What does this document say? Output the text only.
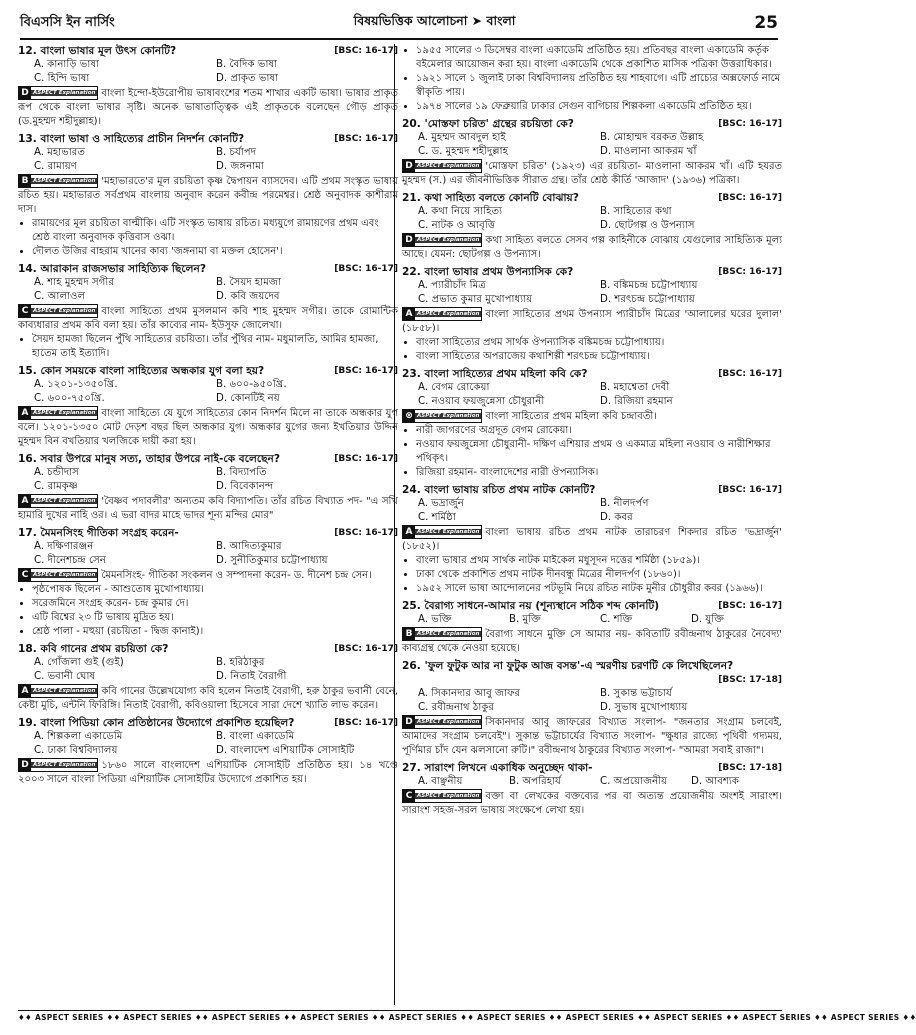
বিএসসি ইন নার্সিং	বিষয়ভিত্তিক আলোচনা ➤ বাংলা	25
12. বাংলা ভাষার মূল উৎস কোনটি?	[BSC: 16-17]
A. কানাড়ি ভাষা	B. বৈদিক ভাষা
C. হিন্দি ভাষা	D. প্রাকৃত ভাষা
D ASPECT Explanation বাংলা ইন্দো-ইউরোপীয় ভাষাবংশের শতম শাখার একটি ভাষা। ভাষার প্রাকৃত রূপ থেকে বাংলা ভাষার সৃষ্টি। অনেক ভাষাতাত্ত্বিক এই প্রাকৃতকে বলেছেন গৌড় প্রাকৃত (ড.মুহম্মদ শহীদুল্লাহ)।
13. বাংলা ভাষা ও সাহিত্যের প্রাচীন নিদর্শন কোনটি?	[BSC: 16-17]
A. মহাভারত	B. চর্যাপদ
C. রামায়ণ	D. জঙ্গনামা
B ASPECT Explanation 'মহাভারতে'র মূল রচয়িতা কৃষ্ণ দ্বৈপায়ন ব্যাসদেব। এটি প্রথম সংস্কৃত ভাষায় রচিত হয়। মহাভারত সর্বপ্রথম বাংলায় অনুবাদ করেন কবীন্দ্র পরমেশ্বর। শ্রেষ্ঠ অনুবাদক কাশীরাম দাস।
• রামায়ণের মূল রচয়িতা বাল্মীকি। এটি সংস্কৃত ভাষায় রচিত। মধ্যযুগে রামায়ণের প্রথম এবং শ্রেষ্ঠ বাংলা অনুবাদক কৃত্তিবাস ওঝা।
• দৌলত উজির বাহরাম খানের কাব্য 'জঙ্গনামা বা মক্তল হোসেন'।
14. আরাকান রাজসভার সাহিত্যিক ছিলেন?	[BSC: 16-17]
A. শাহ মুহম্মদ সগীর	B. সৈয়দ হামজা
C. আলাওল	D. কবি জয়দেব
C ASPECT Explanation বাংলা সাহিত্যে প্রথম মুসলমান কবি শাহ মুহম্মদ সগীর। তাকে রোমান্টিক কাব্যধারার প্রথম কবি বলা হয়। তাঁর কাব্যের নাম- ইউসুফ জোলেখা।
• সৈয়দ হামজা ছিলেন পুঁথি সাহিত্যের রচয়িতা। তাঁর পুঁথির নাম- মধুমালতি, আমির হামজা, হাতেম তাই ইত্যাদি।
15. কোন সময়কে বাংলা সাহিত্যের অন্ধকার যুগ বলা হয়?	[BSC: 16-17]
A. ১২০১-১৩৫০খ্রি.	B. ৬০০-৯৫০খ্রি.
C. ৬০০-৭৫০খ্রি.	D. কোনটিই নয়
A ASPECT Explanation বাংলা সাহিত্যে যে যুগে সাহিত্যের কোন নিদর্শন মিলে না তাকে অন্ধকার যুগ বলে। ১২০১-১৩৫০ মোট দেড়শ বছর ছিল অন্ধকার যুগ। অন্ধকার যুগের জন্য ইখতিয়ার উদ্দিন মুহম্মদ বিন বখতিয়ার খলজিকে দায়ী করা হয়।
16. সবার উপরে মানুষ সত্য, তাহার উপরে নাই-কে বলেছেন?	[BSC: 16-17]
A. চন্ডীদাস	B. বিদ্যাপতি
C. রামকৃষ্ণ	D. বিবেকানন্দ
A ASPECT Explanation 'বৈষ্ণব পদাবলীর' অন্যতম কবি বিদ্যাপতি। তাঁর রচিত বিখ্যাত পদ- "এ সখি হামারি দুখের নাহি ওর। এ ভরা বাদর মাহে ভাদর শূন্য মন্দির মোর"
17. মৈমনসিংহ গীতিকা সংগ্রহ করেন-	[BSC: 16-17]
A. দক্ষিণারঞ্জন	B. আদিত্যকুমার
C. দীনেশচন্দ্র সেন	D. সুনীতিকুমার চট্টোপাধ্যায়
C ASPECT Explanation মৈমনসিংহ- গীতিকা সংকলন ও সম্পাদনা করেন- ড. দীনেশ চন্দ্র সেন।
• পৃষ্ঠপোষক ছিলেন - আশুতোষ মুখোপাধ্যায়।
• সরেজমিনে সংগ্রহ করেন- চন্দ্র কুমার দে।
• এটি বিশ্বের ২৩ টি ভাষায় মুদ্রিত হয়।
• শ্রেষ্ঠ পালা - মহুয়া (রচয়িতা - দ্বিজ কানাই)।
18. কবি গানের প্রথম রচয়িতা কে?	[BSC: 16-17]
A. গোঁজলা গুই (গুই)	B. হরিঠাকুর
C. ভবানী ঘোষ	D. নিতাই বৈরাগী
A ASPECT Explanation কবি গানের উল্লেখযোগ্য কবি হলেন নিতাই বৈরাগী, হরু ঠাকুর ভবানী বেনে, কেষ্টা মুচি, এন্টনি ফিরিঙ্গি। নিতাই বৈরাগী, কবিওয়ালা হিসেবে সারা দেশে খ্যাতি লাভ করেন।
19. বাংলা পিডিয়া কোন প্রতিষ্ঠানের উদ্যোগে প্রকাশিত হয়েছিল?	[BSC: 16-17]
A. শিল্পকলা একাডেমি	B. বাংলা একাডেমি
C. ঢাকা বিশ্ববিদ্যালয়	D. বাংলাদেশ এশিয়াটিক সোসাইটি
D ASPECT Explanation ১৮৬০ সালে বাংলাদেশ এশিয়াটিক সোসাইটি প্রতিষ্ঠিত হয়। ১৪ খণ্ডে ২০০৩ সালে বাংলা পিডিয়া এশিয়াটিক সোসাইটির উদ্যোগে প্রকাশিত হয়।
• ১৯৫৫ সালের ৩ ডিসেম্বর বাংলা একাডেমি প্রতিষ্ঠিত হয়। প্রতিবছর বাংলা একাডেমি কর্তৃক বইমেলার আয়োজন করা হয়। বাংলা একাডেমি থেকে প্রকাশিত মাসিক পত্রিকা উত্তরাধিকার।
• ১৯২১ সালে ১ জুলাই ঢাকা বিশ্ববিদ্যালয় প্রতিষ্ঠিত হয় শাহবাগে। এটি প্রাচ্যের অক্সফোর্ড নামে স্বীকৃতি পায়।
• ১৯৭৪ সালের ১৯ ফেব্রুয়ারি ঢাকার সেগুন বাগিচায় শিল্পকলা একাডেমি প্রতিষ্ঠিত হয়।
20. 'মোস্তফা চরিত' গ্রন্থের রচয়িতা কে?	[BSC: 16-17]
A. মুহম্মদ আবদুল হাই	B. মোহাম্মদ বরকত উল্লাহ
C. ড. মুহম্মদ শহীদুল্লাহ	D. মাওলানা আকরম খাঁ
D ASPECT Explanation 'মোস্তফা চরিত' (১৯২৩) এর রচয়িতা- মাওলানা আকরম খাঁ। এটি হযরত মুহম্মদ (স.) এর জীবনীভিত্তিক সীরাত গ্রন্থ। তাঁর শ্রেষ্ঠ কীর্তি 'আজাদ' (১৯৩৬) পত্রিকা।
21. কথা সাহিত্য বলতে কোনটি বোঝায়?	[BSC: 16-17]
A. কথা নিয়ে সাহিত্য	B. সাহিত্যের কথা
C. নাটক ও আবৃত্তি	D. ছোটগল্প ও উপন্যাস
D ASPECT Explanation কথা সাহিত্য বলতে সেসব গল্প কাহিনীকে বোঝায় যেগুলোর সাহিত্যিক মূল্য আছে। যেমন: ছোটগল্প ও উপন্যাস।
22. বাংলা ভাষার প্রথম উপন্যাসিক কে?	[BSC: 16-17]
A. প্যারীচাঁদ মিত্র	B. বঙ্কিমচন্দ্র চট্টোপাধ্যায়
C. প্রভাত কুমার মুখোপাধ্যায়	D. শরৎচন্দ্র চট্টোপাধ্যায়
A ASPECT Explanation বাংলা সাহিত্যের প্রথম উপন্যাস প্যারীচাঁদ মিত্রের 'আলালের ঘরের দুলাল' (১৮৫৮)।
• বাংলা সাহিত্যের প্রথম সার্থক ঔপন্যাসিক বঙ্কিমচন্দ্র চট্টোপাধ্যায়।
• বাংলা সাহিত্যের অপরাজেয় কথাশিল্পী শরৎচন্দ্র চট্টোপাধ্যায়।
23. বাংলা সাহিত্যের প্রথম মহিলা কবি কে?	[BSC: 16-17]
A. বেগম রোকেয়া	B. মহাশ্বেতা দেবী
C. নওয়াব ফয়জুন্নেসা চৌধুরানী	D. রিজিয়া রহমান
⊗ ASPECT Explanation বাংলা সাহিত্যের প্রথম মহিলা কবি চন্দ্রাবতী।
• নারী জাগরণের অগ্রদূত বেগম রোকেয়া।
• নওয়াব ফয়জুন্নেসা চৌধুরানী- দক্ষিণ এশিয়ার প্রথম ও একমাত্র মহিলা নওয়াব ও নারীশিক্ষার পথিকৃৎ।
• রিজিয়া রহমান- বাংলাদেশের নারী ঔপন্যাসিক।
24. বাংলা ভাষায় রচিত প্রথম নাটক কোনটি?	[BSC: 16-17]
A. ভদ্রার্জুন	B. নীলদর্পণ
C. শর্মিষ্ঠা	D. কবর
A ASPECT Explanation বাংলা ভাষায় রচিত প্রথম নাটক তারাচরণ শিকদার রচিত 'ভদ্রার্জুন' (১৮৫২)।
• বাংলা ভাষার প্রথম সার্থক নাটক মাইকেল মধুসূদন দত্তের শর্মিষ্ঠা (১৮৫৯)।
• ঢাকা থেকে প্রকাশিত প্রথম নাটক দীনবন্ধু মিত্রের নীলদর্পণ (১৮৬০)।
• ১৯৫২ সালে ভাষা আন্দোলনের পটভূমি নিয়ে রচিত নাটক মুনীর চৌধুরীর কবর (১৯৬৬)।
25. বৈরাগ্য সাধনে-আমার নয় (শূন্যস্থানে সঠিক শব্দ কোনটি)	[BSC: 16-17]
A. ভক্তি	B. মুক্তি	C. শক্তি	D. যুক্তি
B ASPECT Explanation বৈরাগ্য সাধনে মুক্তি সে আমার নয়- কবিতাটি রবীন্দ্রনাথ ঠাকুরের নৈবেদ্য' কাব্যগ্রন্থ থেকে নেওয়া হয়েছে।
26. 'ফুল ফুটুক আর না ফুটুক আজ বসন্ত'-এ স্মরণীয় চরণটি কে লিখেছিলেন?
[BSC: 17-18]
A. সিকানদার আবু জাফর	B. সুকান্ত ভট্টাচার্য
C. রবীন্দ্রনাথ ঠাকুর	D. সুভাষ মুখোপাধ্যায়
D ASPECT Explanation সিকানদার আবু জাফরের বিখ্যাত সংলাপ- "জনতার সংগ্রাম চলবেই, আমাদের সংগ্রাম চলবেই"। সুকান্ত ভট্টাচার্যের বিখ্যাত সংলাপ- "ক্ষুধার রাজ্যে পৃথিবী গদ্যময়, পূর্ণিমার চাঁদ যেন ঝলসানো রুটি।" রবীন্দ্রনাথ ঠাকুরের বিখ্যাত সংলাপ- "আমরা সবাই রাজা"।
27. সারাংশ লিখনে একাধিক অনুচ্ছেদ থাকা-	[BSC: 17-18]
A. বাঞ্ছনীয়	B. অপরিহার্য	C. অপ্রয়োজনীয়	D. আবশ্যক
C ASPECT Explanation বক্তা বা লেখকের বক্তব্যের পর বা অত্যন্ত প্রয়োজনীয় অংশই সারাংশ। সারাংশ সহজ-সরল ভাষায় সংক্ষেপে লেখা হয়।
♦♦ ASPECT SERIES ♦♦ ASPECT SERIES ♦♦ ASPECT SERIES ♦♦ ASPECT SERIES ♦♦ ASPECT SERIES ♦♦ ASPECT SERIES ♦♦ ASPECT SERIES ♦♦ ASPECT SERIES ♦♦ ASPECT SERIES ♦♦ ASPECT SERIES ♦♦
